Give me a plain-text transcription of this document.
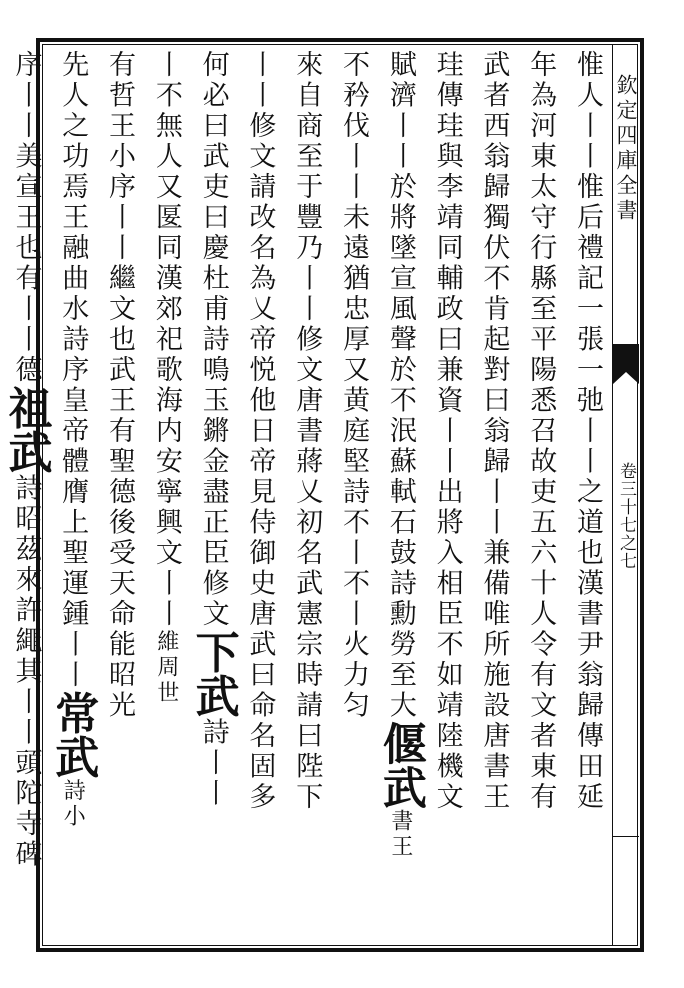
欽定四庫全書
卷三十七之七
惟人丨丨惟后禮記一張一弛丨丨之道也漢書尹翁歸傳田延
年為河東太守行縣至平陽悉召故吏五六十人令有文者東有
武者西翁歸獨伏不肯起對曰翁歸丨丨兼備唯所施設唐書王
珪傳珪與李靖同輔政曰兼資丨丨出將入相臣不如靖陸機文
賦濟丨丨於將墜宣風聲於不泯蘇軾石鼓詩勳勞至大偃武書王
不矜伐丨丨未遠猶忠厚又黄庭堅詩不丨不丨火力匀
來自商至于豐乃丨丨修文唐書蔣乂初名武憲宗時請曰陛下
丨丨修文請改名為乂帝悦他日帝見侍御史唐武曰命名固多
何必曰武吏曰慶杜甫詩鳴玉鏘金盡正臣修文下武詩丨丨
丨不無人又匽同漢郊祀歌海内安寧興文丨丨維周世
有哲王小序丨丨繼文也武王有聖德後受天命能昭光
先人之功焉王融曲水詩序皇帝體膺上聖運鍾丨丨常武詩小
序丨丨美宣王也有丨丨德祖武詩昭茲來許繩其丨丨頭陀寺碑
